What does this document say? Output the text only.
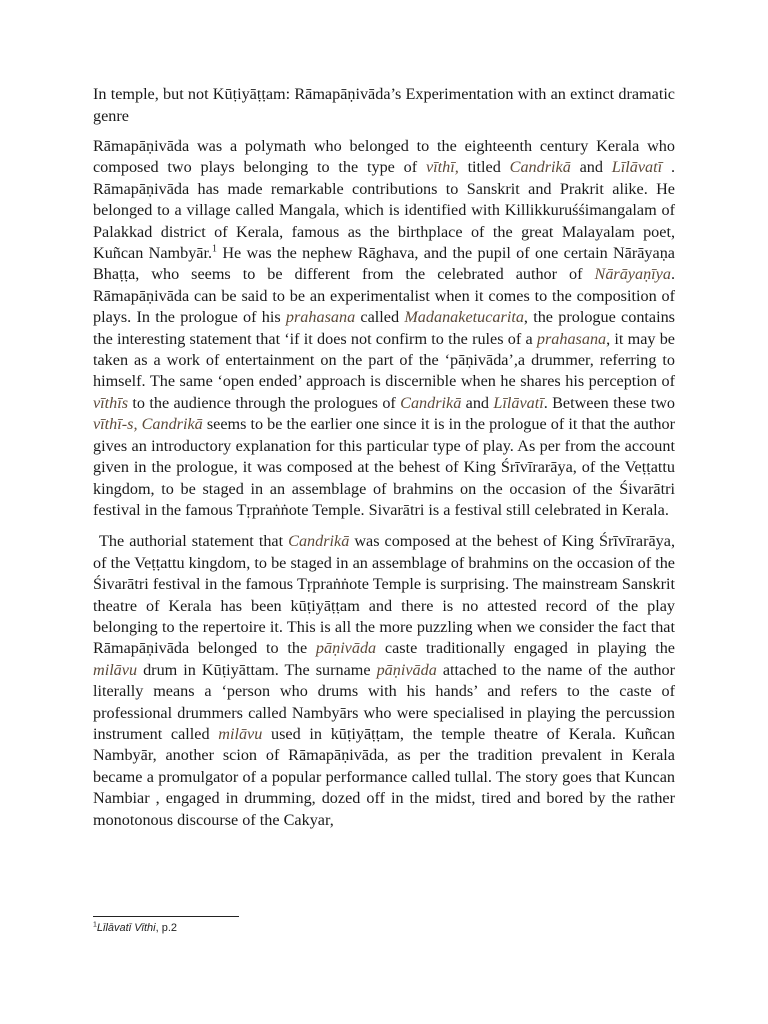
In temple, but not Kūṭiyāṭṭam: Rāmapāṇivāda’s Experimentation with an extinct dramatic genre

Rāmapāṇivāda was a polymath who belonged to the eighteenth century Kerala who composed two plays belonging to the type of vīthī, titled Candrikā and Līlāvatī . Rāmapāṇivāda has made remarkable contributions to Sanskrit and Prakrit alike. He belonged to a village called Mangala, which is identified with Killikkuruśśimangalam of Palakkad district of Kerala, famous as the birthplace of the great Malayalam poet, Kuñcan Nambyār.$^1$ He was the nephew Rāghava, and the pupil of one certain Nārāyaṇa Bhaṭṭa, who seems to be different from the celebrated author of Nārāyaṇīya. Rāmapāṇivāda can be said to be an experimentalist when it comes to the composition of plays. In the prologue of his prahasana called Madanaketucarita, the prologue contains the interesting statement that ‘if it does not confirm to the rules of a prahasana, it may be taken as a work of entertainment on the part of the ‘pāṇivāda’,a drummer, referring to himself. The same ‘open ended’ approach is discernible when he shares his perception of vīthīs to the audience through the prologues of Candrikā and Līlāvatī. Between these two vīthī-s, Candrikā seems to be the earlier one since it is in the prologue of it that the author gives an introductory explanation for this particular type of play. As per from the account given in the prologue, it was composed at the behest of King Śrīvīrarāya, of the Veṭṭattu kingdom, to be staged in an assemblage of brahmins on the occasion of the Śivarātri festival in the famous Tṛpraṅṅote Temple. Sivarātri is a festival still celebrated in Kerala.

The authorial statement that Candrikā was composed at the behest of King Śrīvīrarāya, of the Veṭṭattu kingdom, to be staged in an assemblage of brahmins on the occasion of the Śivarātri festival in the famous Tṛpraṅṅote Temple is surprising. The mainstream Sanskrit theatre of Kerala has been kūṭiyāṭṭam and there is no attested record of the play belonging to the repertoire it. This is all the more puzzling when we consider the fact that Rāmapāṇivāda belonged to the pāṇivāda caste traditionally engaged in playing the milāvu drum in Kūṭiyāttam. The surname pāṇivāda attached to the name of the author literally means a ‘person who drums with his hands’ and refers to the caste of professional drummers called Nambyārs who were specialised in playing the percussion instrument called milāvu used in kūṭiyāṭṭam, the temple theatre of Kerala. Kuñcan Nambyār, another scion of Rāmapāṇivāda, as per the tradition prevalent in Kerala became a promulgator of a popular performance called tullal. The story goes that Kuncan Nambiar , engaged in drumming, dozed off in the midst, tired and bored by the rather monotonous discourse of the Cakyar,

$^1$Līlāvatī Vīthi, p.2
